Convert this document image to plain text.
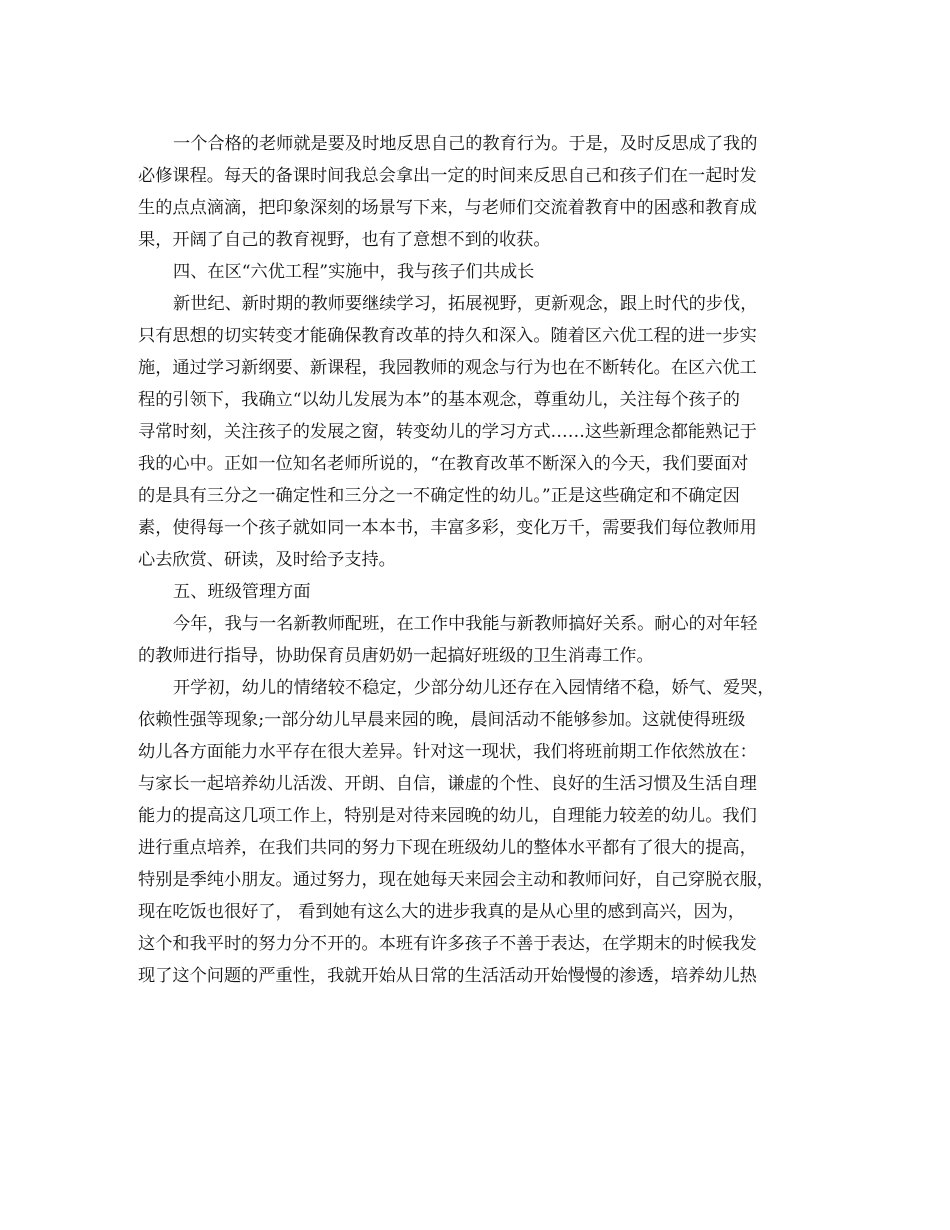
一个合格的老师就是要及时地反思自己的教育行为。于是，及时反思成了我的
必修课程。每天的备课时间我总会拿出一定的时间来反思自己和孩子们在一起时发
生的点点滴滴，把印象深刻的场景写下来，与老师们交流着教育中的困惑和教育成
果，开阔了自己的教育视野，也有了意想不到的收获。
四、在区“六优工程”实施中，我与孩子们共成长
新世纪、新时期的教师要继续学习，拓展视野，更新观念，跟上时代的步伐，
只有思想的切实转变才能确保教育改革的持久和深入。随着区六优工程的进一步实
施，通过学习新纲要、新课程，我园教师的观念与行为也在不断转化。在区六优工
程的引领下，我确立“以幼儿发展为本”的基本观念，尊重幼儿，关注每个孩子的
寻常时刻，关注孩子的发展之窗，转变幼儿的学习方式……这些新理念都能熟记于
我的心中。正如一位知名老师所说的，“在教育改革不断深入的今天，我们要面对
的是具有三分之一确定性和三分之一不确定性的幼儿。”正是这些确定和不确定因
素，使得每一个孩子就如同一本本书，丰富多彩，变化万千，需要我们每位教师用
心去欣赏、研读，及时给予支持。
五、班级管理方面
今年，我与一名新教师配班，在工作中我能与新教师搞好关系。耐心的对年轻
的教师进行指导，协助保育员唐奶奶一起搞好班级的卫生消毒工作。
开学初，幼儿的情绪较不稳定，少部分幼儿还存在入园情绪不稳，娇气、爱哭，
依赖性强等现象;一部分幼儿早晨来园的晚，晨间活动不能够参加。这就使得班级
幼儿各方面能力水平存在很大差异。针对这一现状，我们将班前期工作依然放在：
与家长一起培养幼儿活泼、开朗、自信，谦虚的个性、良好的生活习惯及生活自理
能力的提高这几项工作上，特别是对待来园晚的幼儿，自理能力较差的幼儿。我们
进行重点培养，在我们共同的努力下现在班级幼儿的整体水平都有了很大的提高，
特别是季纯小朋友。通过努力，现在她每天来园会主动和教师问好，自己穿脱衣服，
现在吃饭也很好了， 看到她有这么大的进步我真的是从心里的感到高兴，因为，
这个和我平时的努力分不开的。本班有许多孩子不善于表达，在学期末的时候我发
现了这个问题的严重性，我就开始从日常的生活活动开始慢慢的渗透，培养幼儿热
